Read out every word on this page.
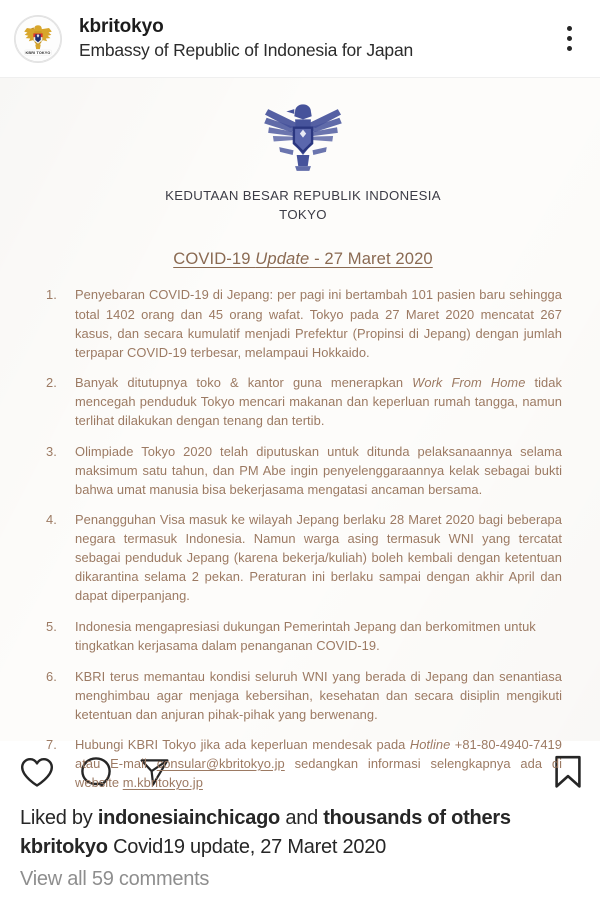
KBRI TOKYO
kbritokyo
Embassy of Republic of Indonesia for Japan
KEDUTAAN BESAR REPUBLIK INDONESIA
TOKYO
COVID-19 Update - 27 Maret 2020
1.	Penyebaran COVID-19 di Jepang: per pagi ini bertambah 101 pasien baru sehingga total 1402 orang dan 45 orang wafat. Tokyo pada 27 Maret 2020 mencatat 267 kasus, dan secara kumulatif menjadi Prefektur (Propinsi di Jepang) dengan jumlah terpapar COVID-19 terbesar, melampaui Hokkaido.
2.	Banyak ditutupnya toko & kantor guna menerapkan Work From Home tidak mencegah penduduk Tokyo mencari makanan dan keperluan rumah tangga, namun terlihat dilakukan dengan tenang dan tertib.
3.	Olimpiade Tokyo 2020 telah diputuskan untuk ditunda pelaksanaannya selama maksimum satu tahun, dan PM Abe ingin penyelenggaraannya kelak sebagai bukti bahwa umat manusia bisa bekerjasama mengatasi ancaman bersama.
4.	Penangguhan Visa masuk ke wilayah Jepang berlaku 28 Maret 2020 bagi beberapa negara termasuk Indonesia. Namun warga asing termasuk WNI yang tercatat sebagai penduduk Jepang (karena bekerja/kuliah) boleh kembali dengan ketentuan dikarantina selama 2 pekan. Peraturan ini berlaku sampai dengan akhir April dan dapat diperpanjang.
5.	Indonesia mengapresiasi dukungan Pemerintah Jepang dan berkomitmen untuk tingkatkan kerjasama dalam penanganan COVID-19.
6.	KBRI terus memantau kondisi seluruh WNI yang berada di Jepang dan senantiasa menghimbau agar menjaga kebersihan, kesehatan dan secara disiplin mengikuti ketentuan dan anjuran pihak-pihak yang berwenang.
7.	Hubungi KBRI Tokyo jika ada keperluan mendesak pada Hotline +81-80-4940-7419 atau E-mail consular@kbritokyo.jp sedangkan informasi selengkapnya ada di website m.kbritokyo.jp
Liked by indonesiainchicago and thousands of others
kbritokyo Covid19 update, 27 Maret 2020
View all 59 comments
